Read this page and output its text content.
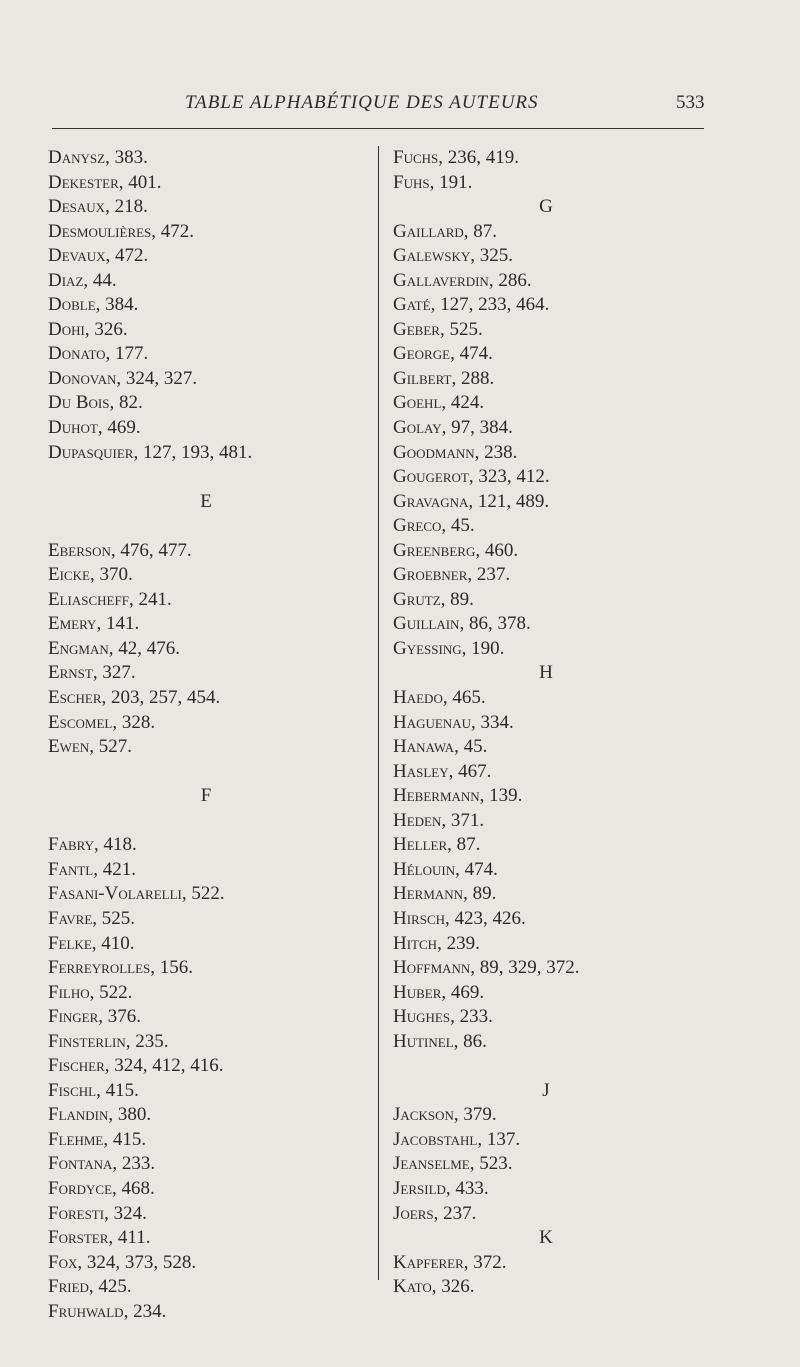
TABLE ALPHABÉTIQUE DES AUTEURS	533
Danysz, 383.
Dekester, 401.
Desaux, 218.
Desmoulières, 472.
Devaux, 472.
Diaz, 44.
Doble, 384.
Dohi, 326.
Donato, 177.
Donovan, 324, 327.
Du Bois, 82.
Duhot, 469.
Dupasquier, 127, 193, 481.
E
Eberson, 476, 477.
Eicke, 370.
Eliascheff, 241.
Emery, 141.
Engman, 42, 476.
Ernst, 327.
Escher, 203, 257, 454.
Escomel, 328.
Ewen, 527.
F
Fabry, 418.
Fantl, 421.
Fasani-Volarelli, 522.
Favre, 525.
Felke, 410.
Ferreyrolles, 156.
Filho, 522.
Finger, 376.
Finsterlin, 235.
Fischer, 324, 412, 416.
Fischl, 415.
Flandin, 380.
Flehme, 415.
Fontana, 233.
Fordyce, 468.
Foresti, 324.
Forster, 411.
Fox, 324, 373, 528.
Fried, 425.
Fruhwald, 234.
Fuchs, 236, 419.
Fuhs, 191.
G
Gaillard, 87.
Galewsky, 325.
Gallaverdin, 286.
Gaté, 127, 233, 464.
Geber, 525.
George, 474.
Gilbert, 288.
Goehl, 424.
Golay, 97, 384.
Goodmann, 238.
Gougerot, 323, 412.
Gravagna, 121, 489.
Greco, 45.
Greenberg, 460.
Groebner, 237.
Grutz, 89.
Guillain, 86, 378.
Gyessing, 190.
H
Haedo, 465.
Haguenau, 334.
Hanawa, 45.
Hasley, 467.
Hebermann, 139.
Heden, 371.
Heller, 87.
Hélouin, 474.
Hermann, 89.
Hirsch, 423, 426.
Hitch, 239.
Hoffmann, 89, 329, 372.
Huber, 469.
Hughes, 233.
Hutinel, 86.
J
Jackson, 379.
Jacobstahl, 137.
Jeanselme, 523.
Jersild, 433.
Joers, 237.
K
Kapferer, 372.
Kato, 326.
